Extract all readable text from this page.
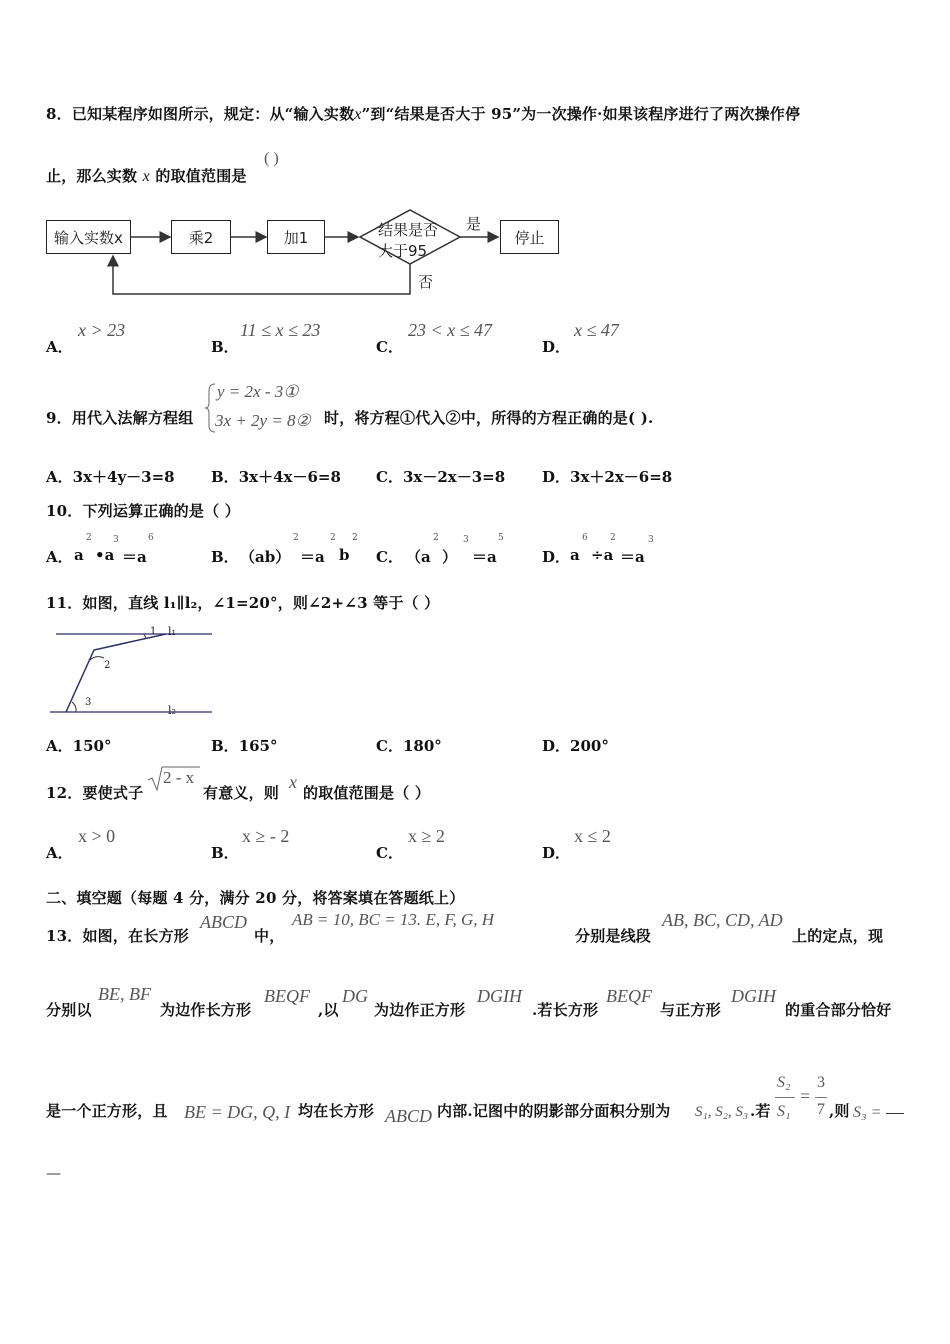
8．已知某程序如图所示，规定：从“输入实数x”到“结果是否大于 95”为一次操作·如果该程序进行了两次操作停
止，那么实数 x 的取值范围是
( )
输入实数x	乘2	加1	结果是否
大于95
是
否
停止
A．
x > 23
B．
11 ≤ x ≤ 23
C．
23 < x ≤ 47
D．
x ≤ 47
9．用代入法解方程组
y = 2x - 3①
3x + 2y = 8② 时，将方程①代入②中，所得的方程正确的是( ).
A．3x＋4y－3=8 B．3x＋4x－6=8 C．3x－2x－3=8 D．3x＋2x－6=8
10．下列运算正确的是（ ）
A． a
2
•a
3
＝a
6
B． （ab）
2
＝a
2
b
2
C． （a
2
）
3
＝a
5
D． a
6
÷a
2
＝a
3
11．如图，直线 l₁∥l₂，∠1=20°，则∠2+∠3 等于（ ）
l₁
l₂
1
2
3
A．150°	B．165°	C．180°	D．200°
12．要使式子
2 - x
有意义，则
x
的取值范围是（ ）
A．
x > 0
B．
x ≥ - 2
C．
x ≥ 2
D．
x ≤ 2
二、填空题（每题 4 分，满分 20 分，将答案填在答题纸上）
13．如图，在长方形
ABCD
中，
AB = 10, BC = 13. E, F, G, H
分别是线段
AB, BC, CD, AD
上的定点，现
分别以
BE, BF
为边作长方形
BEQF
,以
DG
为边作正方形
DGIH
.若长方形
BEQF
与正方形
DGIH
的重合部分恰好
是一个正方形，且 BE = DG, Q, I 均在长方形 ABCD 内部.记图中的阴影部分面积分别为 S₁, S₂, S₃ .若
S₂
S₁
=
3
7 ,则 S₃ =
—
